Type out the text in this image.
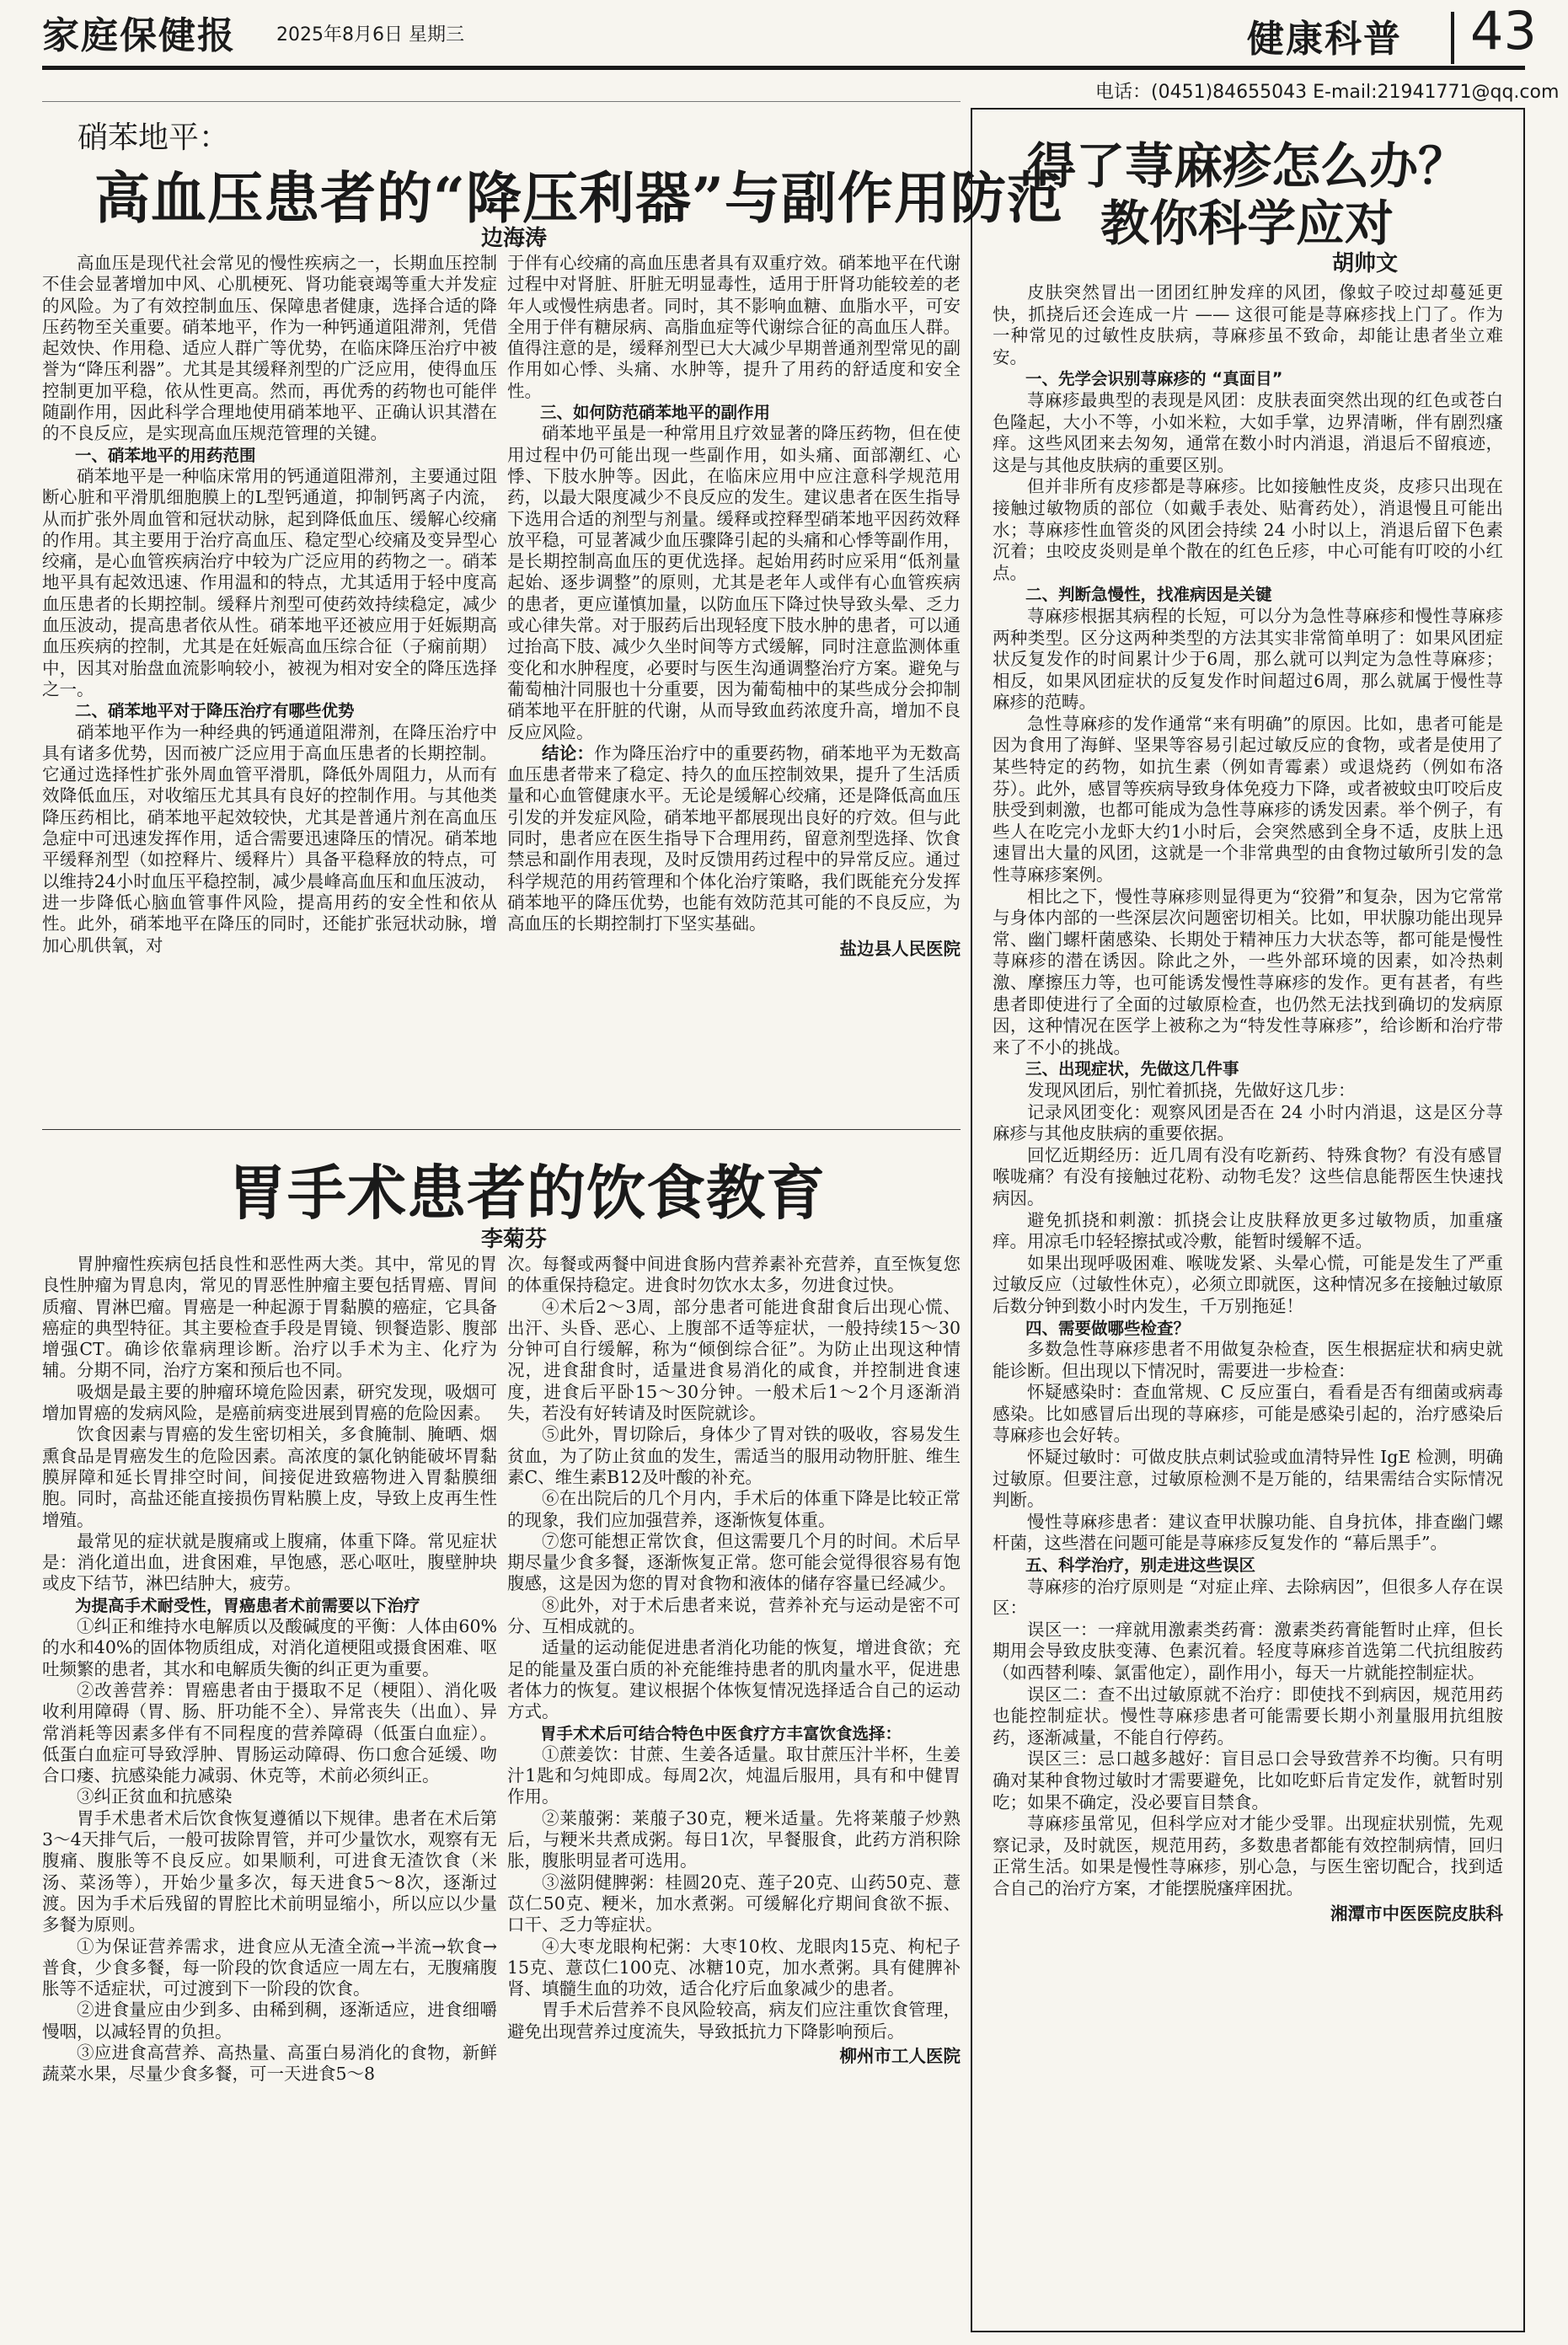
家庭保健报 2025年8月6日 星期三	健康科普 43
电话：(0451)84655043 E-mail:21941771@qq.com
硝苯地平：
高血压患者的“降压利器”与副作用防范
边海涛

高血压是现代社会常见的慢性疾病之一，长期血压控制不佳会显著增加中风、心肌梗死、肾功能衰竭等重大并发症的风险。为了有效控制血压、保障患者健康，选择合适的降压药物至关重要。硝苯地平，作为一种钙通道阻滞剂，凭借起效快、作用稳、适应人群广等优势，在临床降压治疗中被誉为“降压利器”。尤其是其缓释剂型的广泛应用，使得血压控制更加平稳，依从性更高。然而，再优秀的药物也可能伴随副作用，因此科学合理地使用硝苯地平、正确认识其潜在的不良反应，是实现高血压规范管理的关键。

一、硝苯地平的用药范围

硝苯地平是一种临床常用的钙通道阻滞剂，主要通过阻断心脏和平滑肌细胞膜上的L型钙通道，抑制钙离子内流，从而扩张外周血管和冠状动脉，起到降低血压、缓解心绞痛的作用。其主要用于治疗高血压、稳定型心绞痛及变异型心绞痛，是心血管疾病治疗中较为广泛应用的药物之一。硝苯地平具有起效迅速、作用温和的特点，尤其适用于轻中度高血压患者的长期控制。缓释片剂型可使药效持续稳定，减少血压波动，提高患者依从性。硝苯地平还被应用于妊娠期高血压疾病的控制，尤其是在妊娠高血压综合征（子痫前期）中，因其对胎盘血流影响较小，被视为相对安全的降压选择之一。

二、硝苯地平对于降压治疗有哪些优势

硝苯地平作为一种经典的钙通道阻滞剂，在降压治疗中具有诸多优势，因而被广泛应用于高血压患者的长期控制。它通过选择性扩张外周血管平滑肌，降低外周阻力，从而有效降低血压，对收缩压尤其具有良好的控制作用。与其他类降压药相比，硝苯地平起效较快，尤其是普通片剂在高血压急症中可迅速发挥作用，适合需要迅速降压的情况。硝苯地平缓释剂型（如控释片、缓释片）具备平稳释放的特点，可以维持24小时血压平稳控制，减少晨峰高血压和血压波动，进一步降低心脑血管事件风险，提高用药的安全性和依从性。此外，硝苯地平在降压的同时，还能扩张冠状动脉，增加心肌供氧，对

于伴有心绞痛的高血压患者具有双重疗效。硝苯地平在代谢过程中对肾脏、肝脏无明显毒性，适用于肝肾功能较差的老年人或慢性病患者。同时，其不影响血糖、血脂水平，可安全用于伴有糖尿病、高脂血症等代谢综合征的高血压人群。值得注意的是，缓释剂型已大大减少早期普通剂型常见的副作用如心悸、头痛、水肿等，提升了用药的舒适度和安全性。

三、如何防范硝苯地平的副作用

硝苯地平虽是一种常用且疗效显著的降压药物，但在使用过程中仍可能出现一些副作用，如头痛、面部潮红、心悸、下肢水肿等。因此，在临床应用中应注意科学规范用药，以最大限度减少不良反应的发生。建议患者在医生指导下选用合适的剂型与剂量。缓释或控释型硝苯地平因药效释放平稳，可显著减少血压骤降引起的头痛和心悸等副作用，是长期控制高血压的更优选择。起始用药时应采用“低剂量起始、逐步调整”的原则，尤其是老年人或伴有心血管疾病的患者，更应谨慎加量，以防血压下降过快导致头晕、乏力或心律失常。对于服药后出现轻度下肢水肿的患者，可以通过抬高下肢、减少久坐时间等方式缓解，同时注意监测体重变化和水肿程度，必要时与医生沟通调整治疗方案。避免与葡萄柚汁同服也十分重要，因为葡萄柚中的某些成分会抑制硝苯地平在肝脏的代谢，从而导致血药浓度升高，增加不良反应风险。

结论：作为降压治疗中的重要药物，硝苯地平为无数高血压患者带来了稳定、持久的血压控制效果，提升了生活质量和心血管健康水平。无论是缓解心绞痛，还是降低高血压引发的并发症风险，硝苯地平都展现出良好的疗效。但与此同时，患者应在医生指导下合理用药，留意剂型选择、饮食禁忌和副作用表现，及时反馈用药过程中的异常反应。通过科学规范的用药管理和个体化治疗策略，我们既能充分发挥硝苯地平的降压优势，也能有效防范其可能的不良反应，为高血压的长期控制打下坚实基础。

盐边县人民医院

胃手术患者的饮食教育
李菊芬

胃肿瘤性疾病包括良性和恶性两大类。其中，常见的胃良性肿瘤为胃息肉，常见的胃恶性肿瘤主要包括胃癌、胃间质瘤、胃淋巴瘤。胃癌是一种起源于胃黏膜的癌症，它具备癌症的典型特征。其主要检查手段是胃镜、钡餐造影、腹部增强CT。确诊依靠病理诊断。治疗以手术为主、化疗为辅。分期不同，治疗方案和预后也不同。

吸烟是最主要的肿瘤环境危险因素，研究发现，吸烟可增加胃癌的发病风险，是癌前病变进展到胃癌的危险因素。

饮食因素与胃癌的发生密切相关，多食腌制、腌晒、烟熏食品是胃癌发生的危险因素。高浓度的氯化钠能破坏胃黏膜屏障和延长胃排空时间，间接促进致癌物进入胃黏膜细胞。同时，高盐还能直接损伤胃粘膜上皮，导致上皮再生性增殖。

最常见的症状就是腹痛或上腹痛，体重下降。常见症状是：消化道出血，进食困难，早饱感，恶心呕吐，腹壁肿块或皮下结节，淋巴结肿大，疲劳。

为提高手术耐受性，胃癌患者术前需要以下治疗

①纠正和维持水电解质以及酸碱度的平衡：人体由60%的水和40%的固体物质组成，对消化道梗阻或摄食困难、呕吐频繁的患者，其水和电解质失衡的纠正更为重要。

②改善营养：胃癌患者由于摄取不足（梗阻）、消化吸收利用障碍（胃、肠、肝功能不全）、异常丧失（出血）、异常消耗等因素多伴有不同程度的营养障碍（低蛋白血症）。低蛋白血症可导致浮肿、胃肠运动障碍、伤口愈合延缓、吻合口瘘、抗感染能力减弱、休克等，术前必须纠正。

③纠正贫血和抗感染

胃手术患者术后饮食恢复遵循以下规律。患者在术后第3～4天排气后，一般可拔除胃管，并可少量饮水，观察有无腹痛、腹胀等不良反应。如果顺利，可进食无渣饮食（米汤、菜汤等），开始少量多次，每天进食5～8次，逐渐过渡。因为手术后残留的胃腔比术前明显缩小，所以应以少量多餐为原则。

①为保证营养需求，进食应从无渣全流→半流→软食→普食，少食多餐，每一阶段的饮食适应一周左右，无腹痛腹胀等不适症状，可过渡到下一阶段的饮食。

②进食量应由少到多、由稀到稠，逐渐适应，进食细嚼慢咽，以减轻胃的负担。

③应进食高营养、高热量、高蛋白易消化的食物，新鲜蔬菜水果，尽量少食多餐，可一天进食5～8

次。每餐或两餐中间进食肠内营养素补充营养，直至恢复您的体重保持稳定。进食时勿饮水太多，勿进食过快。

④术后2～3周，部分患者可能进食甜食后出现心慌、出汗、头昏、恶心、上腹部不适等症状，一般持续15～30分钟可自行缓解，称为“倾倒综合征”。为防止出现这种情况，进食甜食时，适量进食易消化的咸食，并控制进食速度，进食后平卧15～30分钟。一般术后1～2个月逐渐消失，若没有好转请及时医院就诊。

⑤此外，胃切除后，身体少了胃对铁的吸收，容易发生贫血，为了防止贫血的发生，需适当的服用动物肝脏、维生素C、维生素B12及叶酸的补充。

⑥在出院后的几个月内，手术后的体重下降是比较正常的现象，我们应加强营养，逐渐恢复体重。

⑦您可能想正常饮食，但这需要几个月的时间。术后早期尽量少食多餐，逐渐恢复正常。您可能会觉得很容易有饱腹感，这是因为您的胃对食物和液体的储存容量已经减少。

⑧此外，对于术后患者来说，营养补充与运动是密不可分、互相成就的。

适量的运动能促进患者消化功能的恢复，增进食欲；充足的能量及蛋白质的补充能维持患者的肌肉量水平，促进患者体力的恢复。建议根据个体恢复情况选择适合自己的运动方式。

胃手术术后可结合特色中医食疗方丰富饮食选择：

①蔗姜饮：甘蔗、生姜各适量。取甘蔗压汁半杯，生姜汁1匙和匀炖即成。每周2次，炖温后服用，具有和中健胃作用。

②莱菔粥：莱菔子30克，粳米适量。先将莱菔子炒熟后，与粳米共煮成粥。每日1次，早餐服食，此药方消积除胀，腹胀明显者可选用。

③滋阴健脾粥：桂圆20克、莲子20克、山药50克、薏苡仁50克、粳米，加水煮粥。可缓解化疗期间食欲不振、口干、乏力等症状。

④大枣龙眼枸杞粥：大枣10枚、龙眼肉15克、枸杞子15克、薏苡仁100克、冰糖10克，加水煮粥。具有健脾补肾、填髓生血的功效，适合化疗后血象减少的患者。

胃手术后营养不良风险较高，病友们应注重饮食管理，避免出现营养过度流失，导致抵抗力下降影响预后。

柳州市工人医院

得了荨麻疹怎么办？
教你科学应对
胡帅文

皮肤突然冒出一团团红肿发痒的风团，像蚊子咬过却蔓延更快，抓挠后还会连成一片 —— 这很可能是荨麻疹找上门了。作为一种常见的过敏性皮肤病，荨麻疹虽不致命，却能让患者坐立难安。

一、先学会识别荨麻疹的 “真面目”

荨麻疹最典型的表现是风团：皮肤表面突然出现的红色或苍白色隆起，大小不等，小如米粒，大如手掌，边界清晰，伴有剧烈瘙痒。这些风团来去匆匆，通常在数小时内消退，消退后不留痕迹，这是与其他皮肤病的重要区别。

但并非所有皮疹都是荨麻疹。比如接触性皮炎，皮疹只出现在接触过敏物质的部位（如戴手表处、贴膏药处），消退慢且可能出水；荨麻疹性血管炎的风团会持续 24 小时以上，消退后留下色素沉着；虫咬皮炎则是单个散在的红色丘疹，中心可能有叮咬的小红点。

二、判断急慢性，找准病因是关键

荨麻疹根据其病程的长短，可以分为急性荨麻疹和慢性荨麻疹两种类型。区分这两种类型的方法其实非常简单明了：如果风团症状反复发作的时间累计少于6周，那么就可以判定为急性荨麻疹；相反，如果风团症状的反复发作时间超过6周，那么就属于慢性荨麻疹的范畴。

急性荨麻疹的发作通常“来有明确”的原因。比如，患者可能是因为食用了海鲜、坚果等容易引起过敏反应的食物，或者是使用了某些特定的药物，如抗生素（例如青霉素）或退烧药（例如布洛芬）。此外，感冒等疾病导致身体免疫力下降，或者被蚊虫叮咬后皮肤受到刺激，也都可能成为急性荨麻疹的诱发因素。举个例子，有些人在吃完小龙虾大约1小时后，会突然感到全身不适，皮肤上迅速冒出大量的风团，这就是一个非常典型的由食物过敏所引发的急性荨麻疹案例。

相比之下，慢性荨麻疹则显得更为“狡猾”和复杂，因为它常常与身体内部的一些深层次问题密切相关。比如，甲状腺功能出现异常、幽门螺杆菌感染、长期处于精神压力大状态等，都可能是慢性荨麻疹的潜在诱因。除此之外，一些外部环境的因素，如冷热刺激、摩擦压力等，也可能诱发慢性荨麻疹的发作。更有甚者，有些患者即使进行了全面的过敏原检查，也仍然无法找到确切的发病原因，这种情况在医学上被称之为“特发性荨麻疹”，给诊断和治疗带来了不小的挑战。

三、出现症状，先做这几件事

发现风团后，别忙着抓挠，先做好这几步：

记录风团变化：观察风团是否在 24 小时内消退，这是区分荨麻疹与其他皮肤病的重要依据。

回忆近期经历：近几周有没有吃新药、特殊食物？有没有感冒喉咙痛？有没有接触过花粉、动物毛发？这些信息能帮医生快速找病因。

避免抓挠和刺激：抓挠会让皮肤释放更多过敏物质，加重瘙痒。用凉毛巾轻轻擦拭或冷敷，能暂时缓解不适。

如果出现呼吸困难、喉咙发紧、头晕心慌，可能是发生了严重过敏反应（过敏性休克），必须立即就医，这种情况多在接触过敏原后数分钟到数小时内发生，千万别拖延！

四、需要做哪些检查？

多数急性荨麻疹患者不用做复杂检查，医生根据症状和病史就能诊断。但出现以下情况时，需要进一步检查：

怀疑感染时：查血常规、C 反应蛋白，看看是否有细菌或病毒感染。比如感冒后出现的荨麻疹，可能是感染引起的，治疗感染后荨麻疹也会好转。

怀疑过敏时：可做皮肤点刺试验或血清特异性 IgE 检测，明确过敏原。但要注意，过敏原检测不是万能的，结果需结合实际情况判断。

慢性荨麻疹患者：建议查甲状腺功能、自身抗体，排查幽门螺杆菌，这些潜在问题可能是荨麻疹反复发作的 “幕后黑手”。

五、科学治疗，别走进这些误区

荨麻疹的治疗原则是 “对症止痒、去除病因”，但很多人存在误区：

误区一：一痒就用激素类药膏：激素类药膏能暂时止痒，但长期用会导致皮肤变薄、色素沉着。轻度荨麻疹首选第二代抗组胺药（如西替利嗪、氯雷他定），副作用小，每天一片就能控制症状。

误区二：查不出过敏原就不治疗：即使找不到病因，规范用药也能控制症状。慢性荨麻疹患者可能需要长期小剂量服用抗组胺药，逐渐减量，不能自行停药。

误区三：忌口越多越好：盲目忌口会导致营养不均衡。只有明确对某种食物过敏时才需要避免，比如吃虾后肯定发作，就暂时别吃；如果不确定，没必要盲目禁食。

荨麻疹虽常见，但科学应对才能少受罪。出现症状别慌，先观察记录，及时就医，规范用药，多数患者都能有效控制病情，回归正常生活。如果是慢性荨麻疹，别心急，与医生密切配合，找到适合自己的治疗方案，才能摆脱瘙痒困扰。

湘潭市中医医院皮肤科
